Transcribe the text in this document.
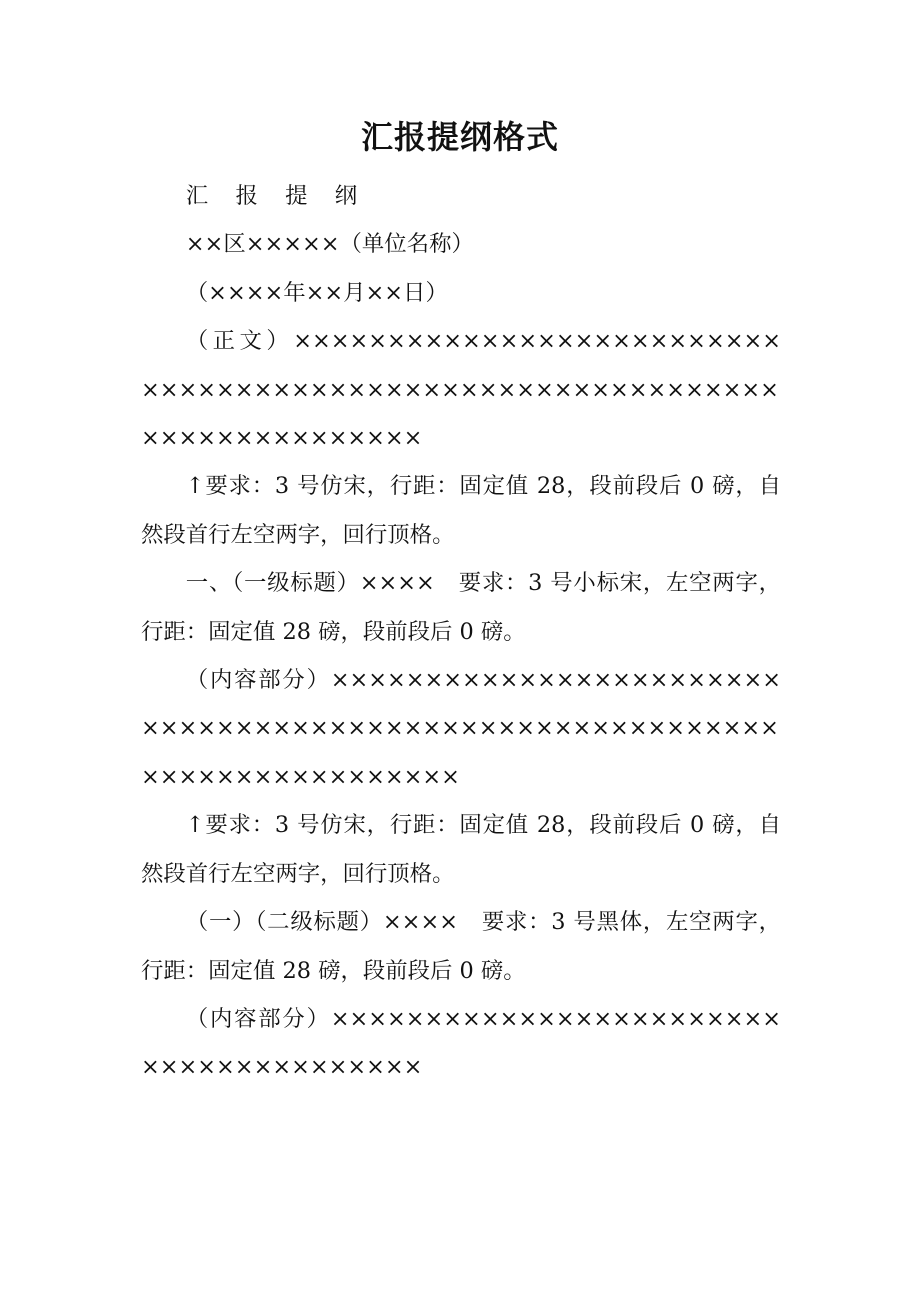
汇报提纲格式

汇 报 提 纲

××区×××××（单位名称）

（××××年××月××日）

（正文）×××××××××××××××××××××××××××××××××××××××××××××××××××××××××××××××××××××××××××

↑要求：3 号仿宋，行距：固定值 28，段前段后 0 磅，自然段首行左空两字，回行顶格。

一、（一级标题）××××　要求：3 号小标宋，左空两字，行距：固定值 28 磅，段前段后 0 磅。

（内容部分）×××××××××××××××××××××××××××××××××××××××××××××××××××××××××××××××××××××××××××

↑要求：3 号仿宋，行距：固定值 28，段前段后 0 磅，自然段首行左空两字，回行顶格。

（一）（二级标题）××××　要求：3 号黑体，左空两字，行距：固定值 28 磅，段前段后 0 磅。

（内容部分）×××××××××××××××××××××××××××××××××××××××
